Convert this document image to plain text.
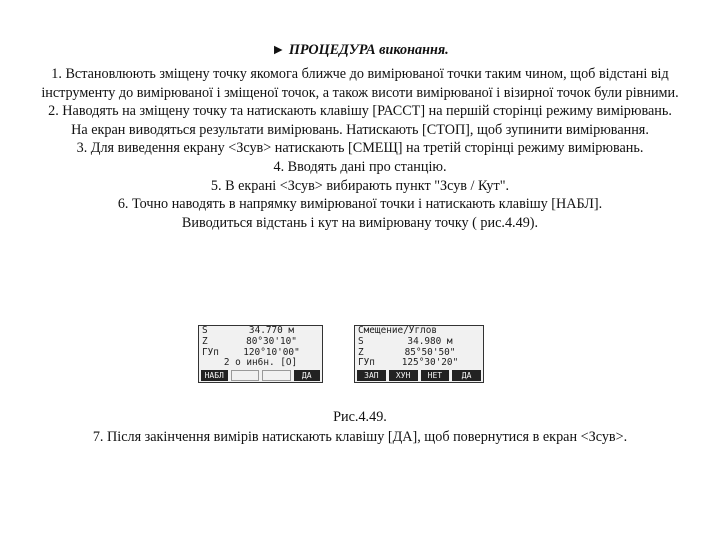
► ПРОЦЕДУРА виконання.

1. Встановлюють зміщену точку якомога ближче до вимірюваної точки таким чином, щоб відстані від інструменту до вимірюваної і зміщеної точок, а також висоти вимірюваної і візирної точок були рівними.
2. Наводять на зміщену точку та натискають клавішу [РАССТ] на першій сторінці режиму вимірювань.
На екран виводяться результати вимірювань. Натискають [СТОП], щоб зупинити вимірювання.
3. Для виведення екрану <Зсув> натискають [СМЕЩ] на третій сторінці режиму вимірювань.
4. Вводять дані про станцію.
5. В екрані <Зсув> вибирають пункт "Зсув / Кут".
6. Точно наводять в напрямку вимірюваної точки і натискають клавішу [НАБЛ].
Виводиться відстань і кут на вимірювану точку ( рис.4.49).

S	34.770 м
Z	80°30'10"
ГУп	120°10'00"
2 о ин6н. [О]
НАБЛ	ДА
Смещение/Углов
S	34.980 м
Z	85°50'50"
ГУп	125°30'20"
ЗАП	ХУН	НЕТ	ДА

Рис.4.49.

7. Після закінчення вимірів натискають клавішу [ДА], щоб повернутися в екран <Зсув>.
